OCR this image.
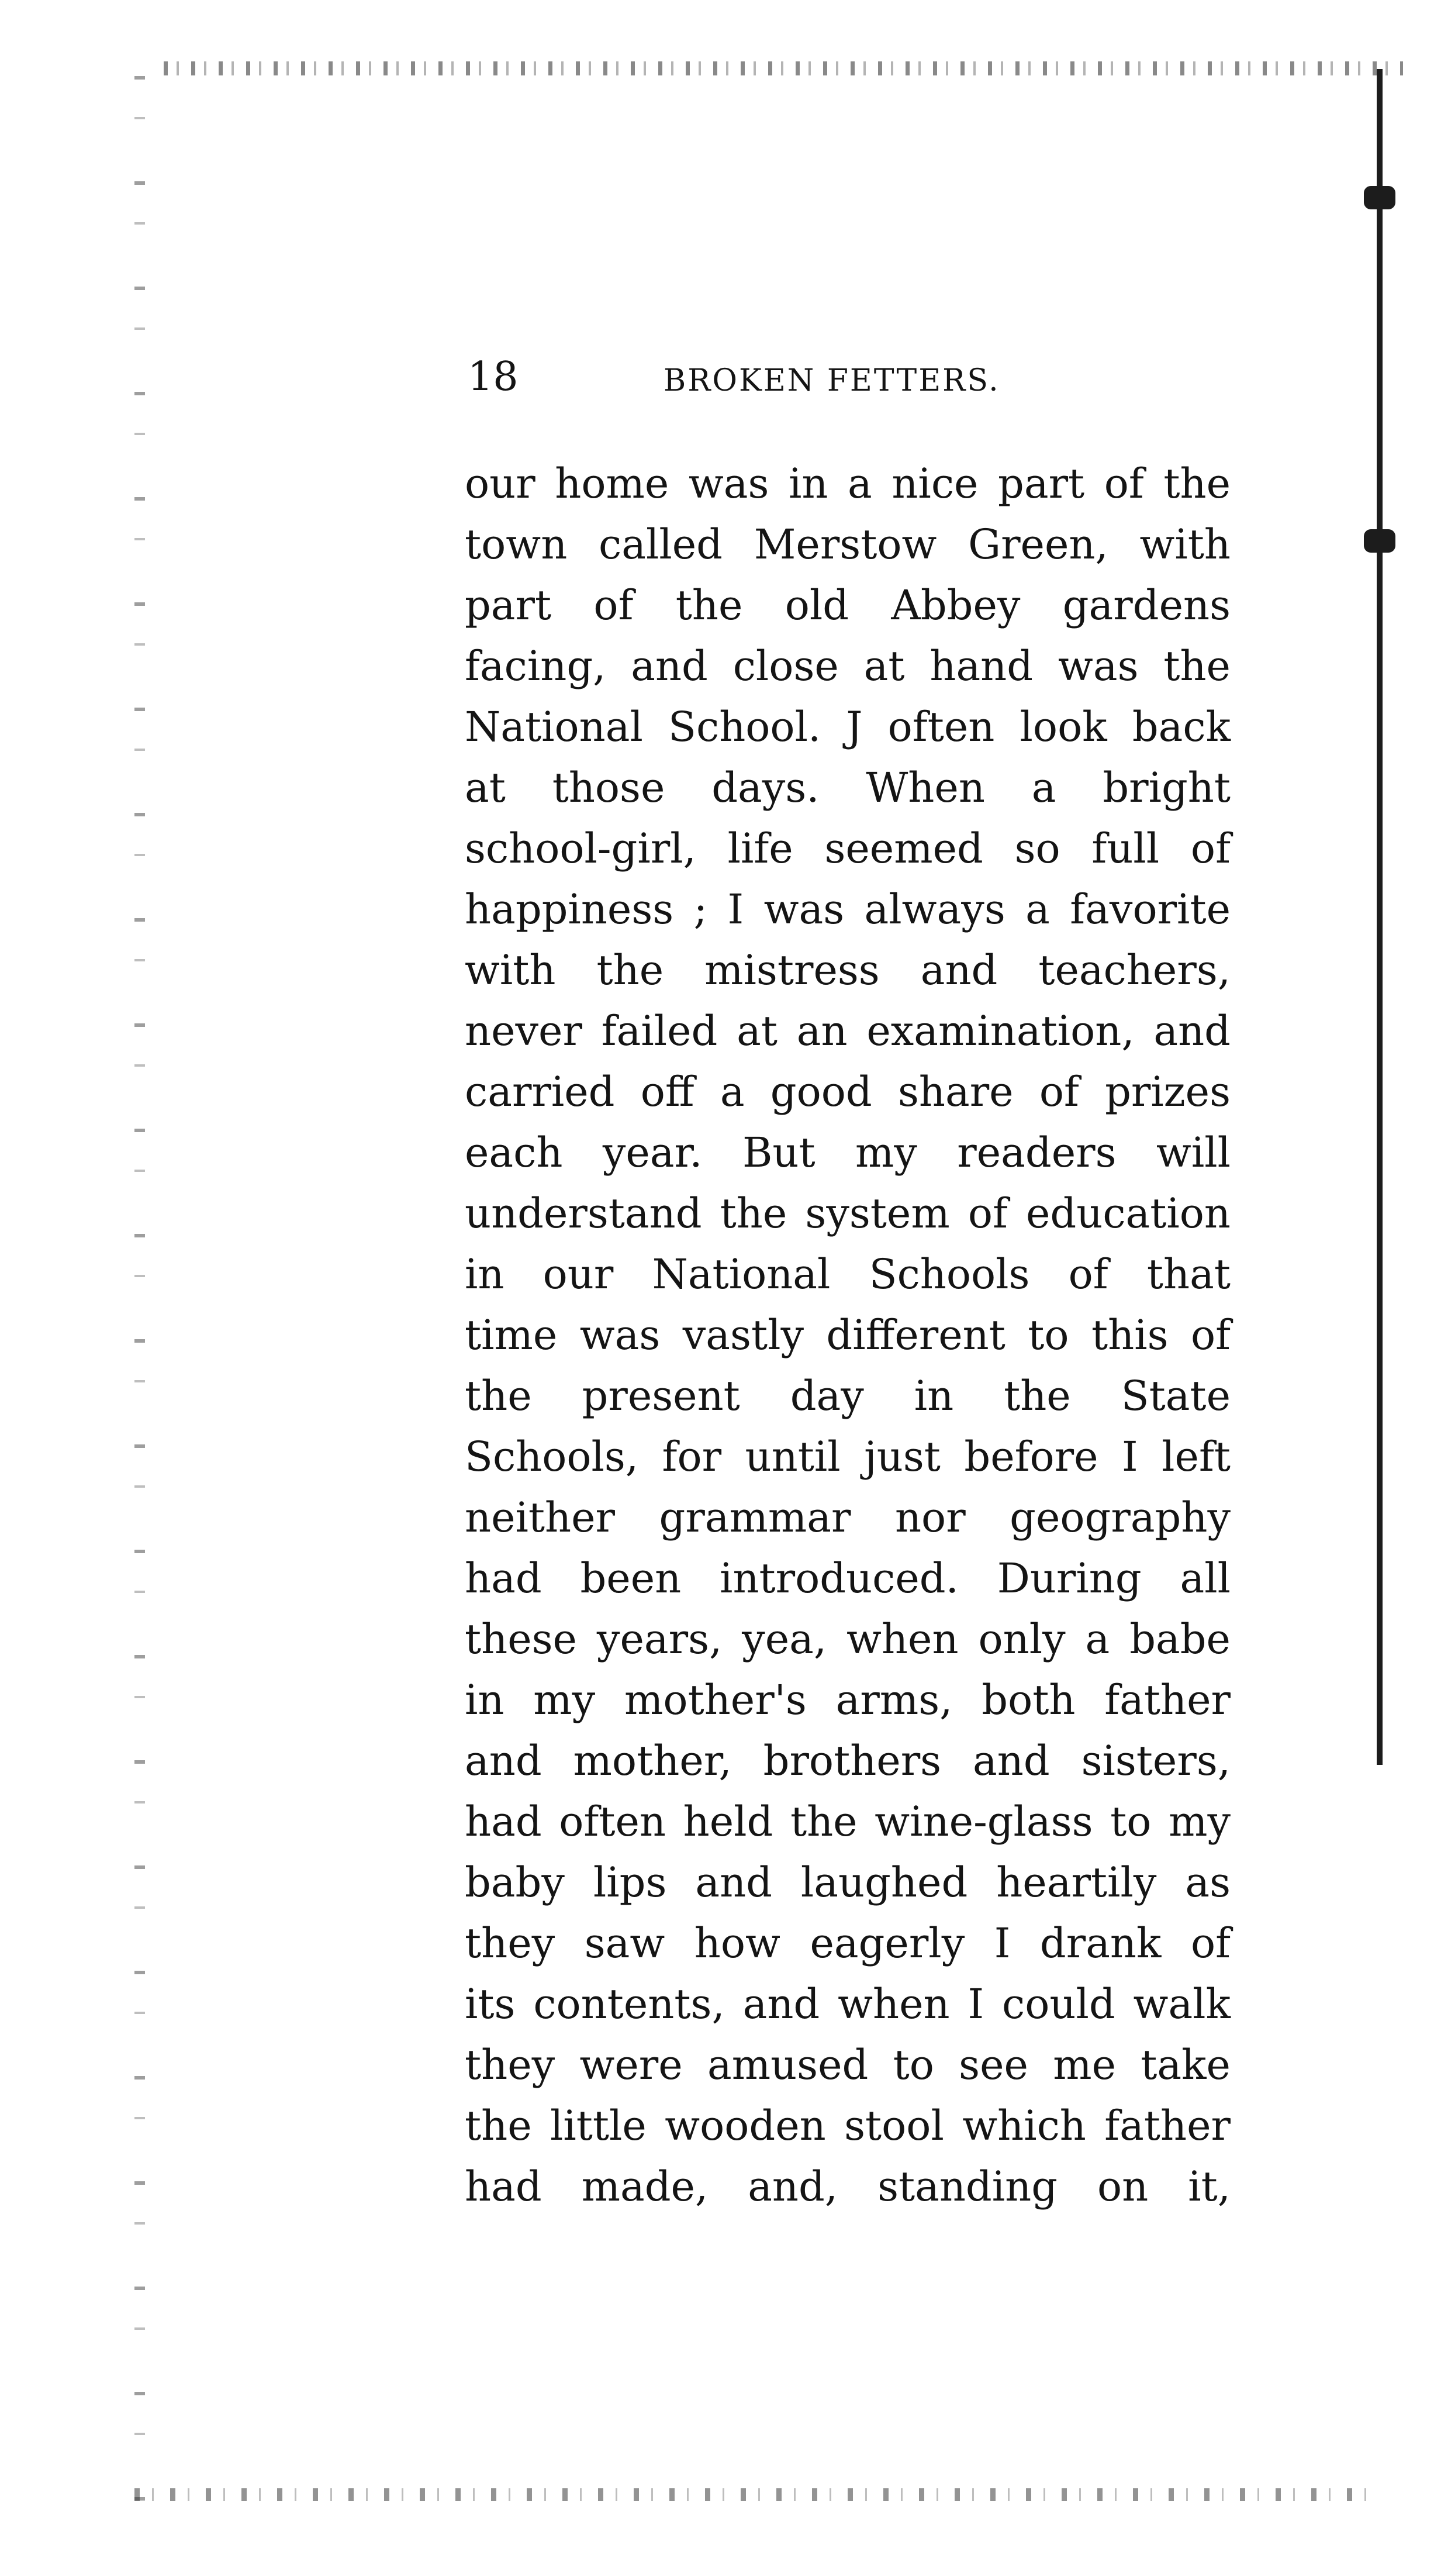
18	BROKEN FETTERS.
our home was in a nice part of the
town called Merstow Green, with
part of the old Abbey gardens
facing, and close at hand was the
National School. J often look back
at those days. When a bright
school-girl, life seemed so full of
happiness ; I was always a favorite
with the mistress and teachers,
never failed at an examination, and
carried off a good share of prizes
each year. But my readers will
understand the system of education
in our National Schools of that
time was vastly different to this of
the present day in the State
Schools, for until just before I left
neither grammar nor geography
had been introduced. During all
these years, yea, when only a babe
in my mother's arms, both father
and mother, brothers and sisters,
had often held the wine-glass to my
baby lips and laughed heartily as
they saw how eagerly I drank of
its contents, and when I could walk
they were amused to see me take
the little wooden stool which father
had made, and, standing on it,
